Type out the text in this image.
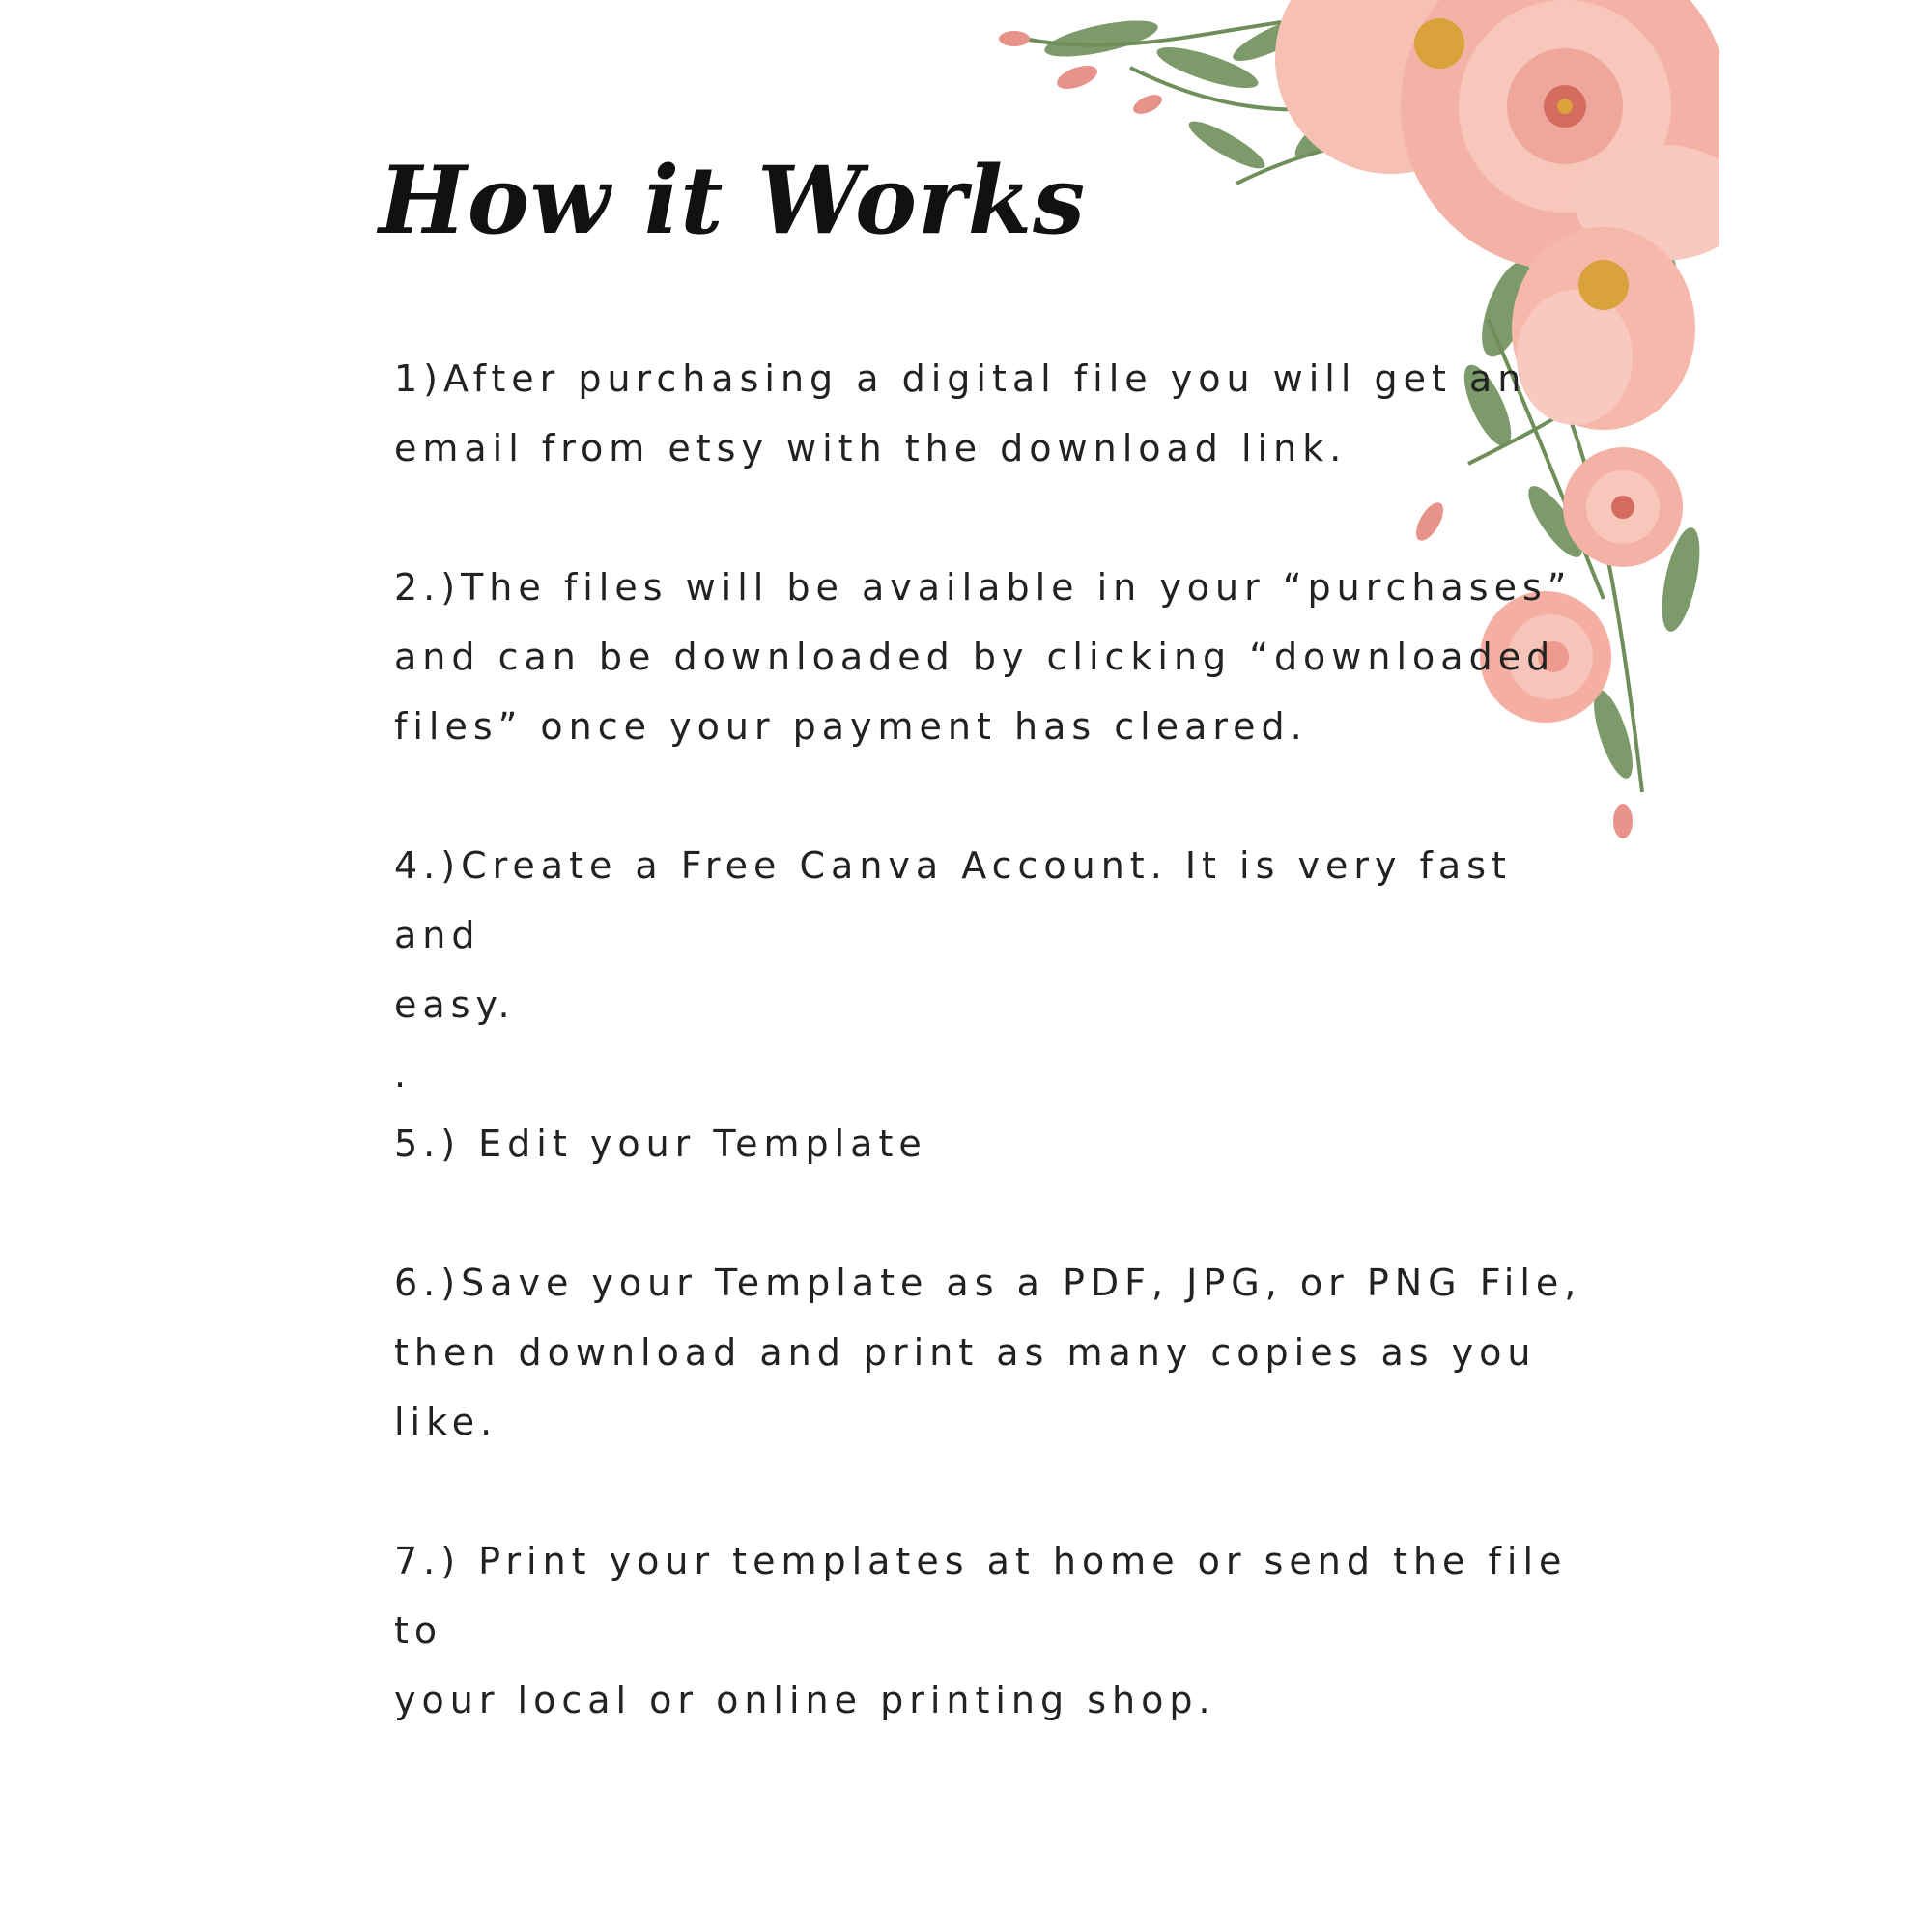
How it Works
1)After purchasing a digital file you will get an
email from etsy with the download link.
2.)The files will be available in your “purchases”
and can be downloaded by clicking “downloaded
files” once your payment has cleared.
4.)Create a Free Canva Account. It is very fast and
easy.
.
5.) Edit your Template
6.)Save your Template as a PDF, JPG, or PNG File,
then download and print as many copies as you
like.
7.) Print your templates at home or send the file to
your local or online printing shop.
